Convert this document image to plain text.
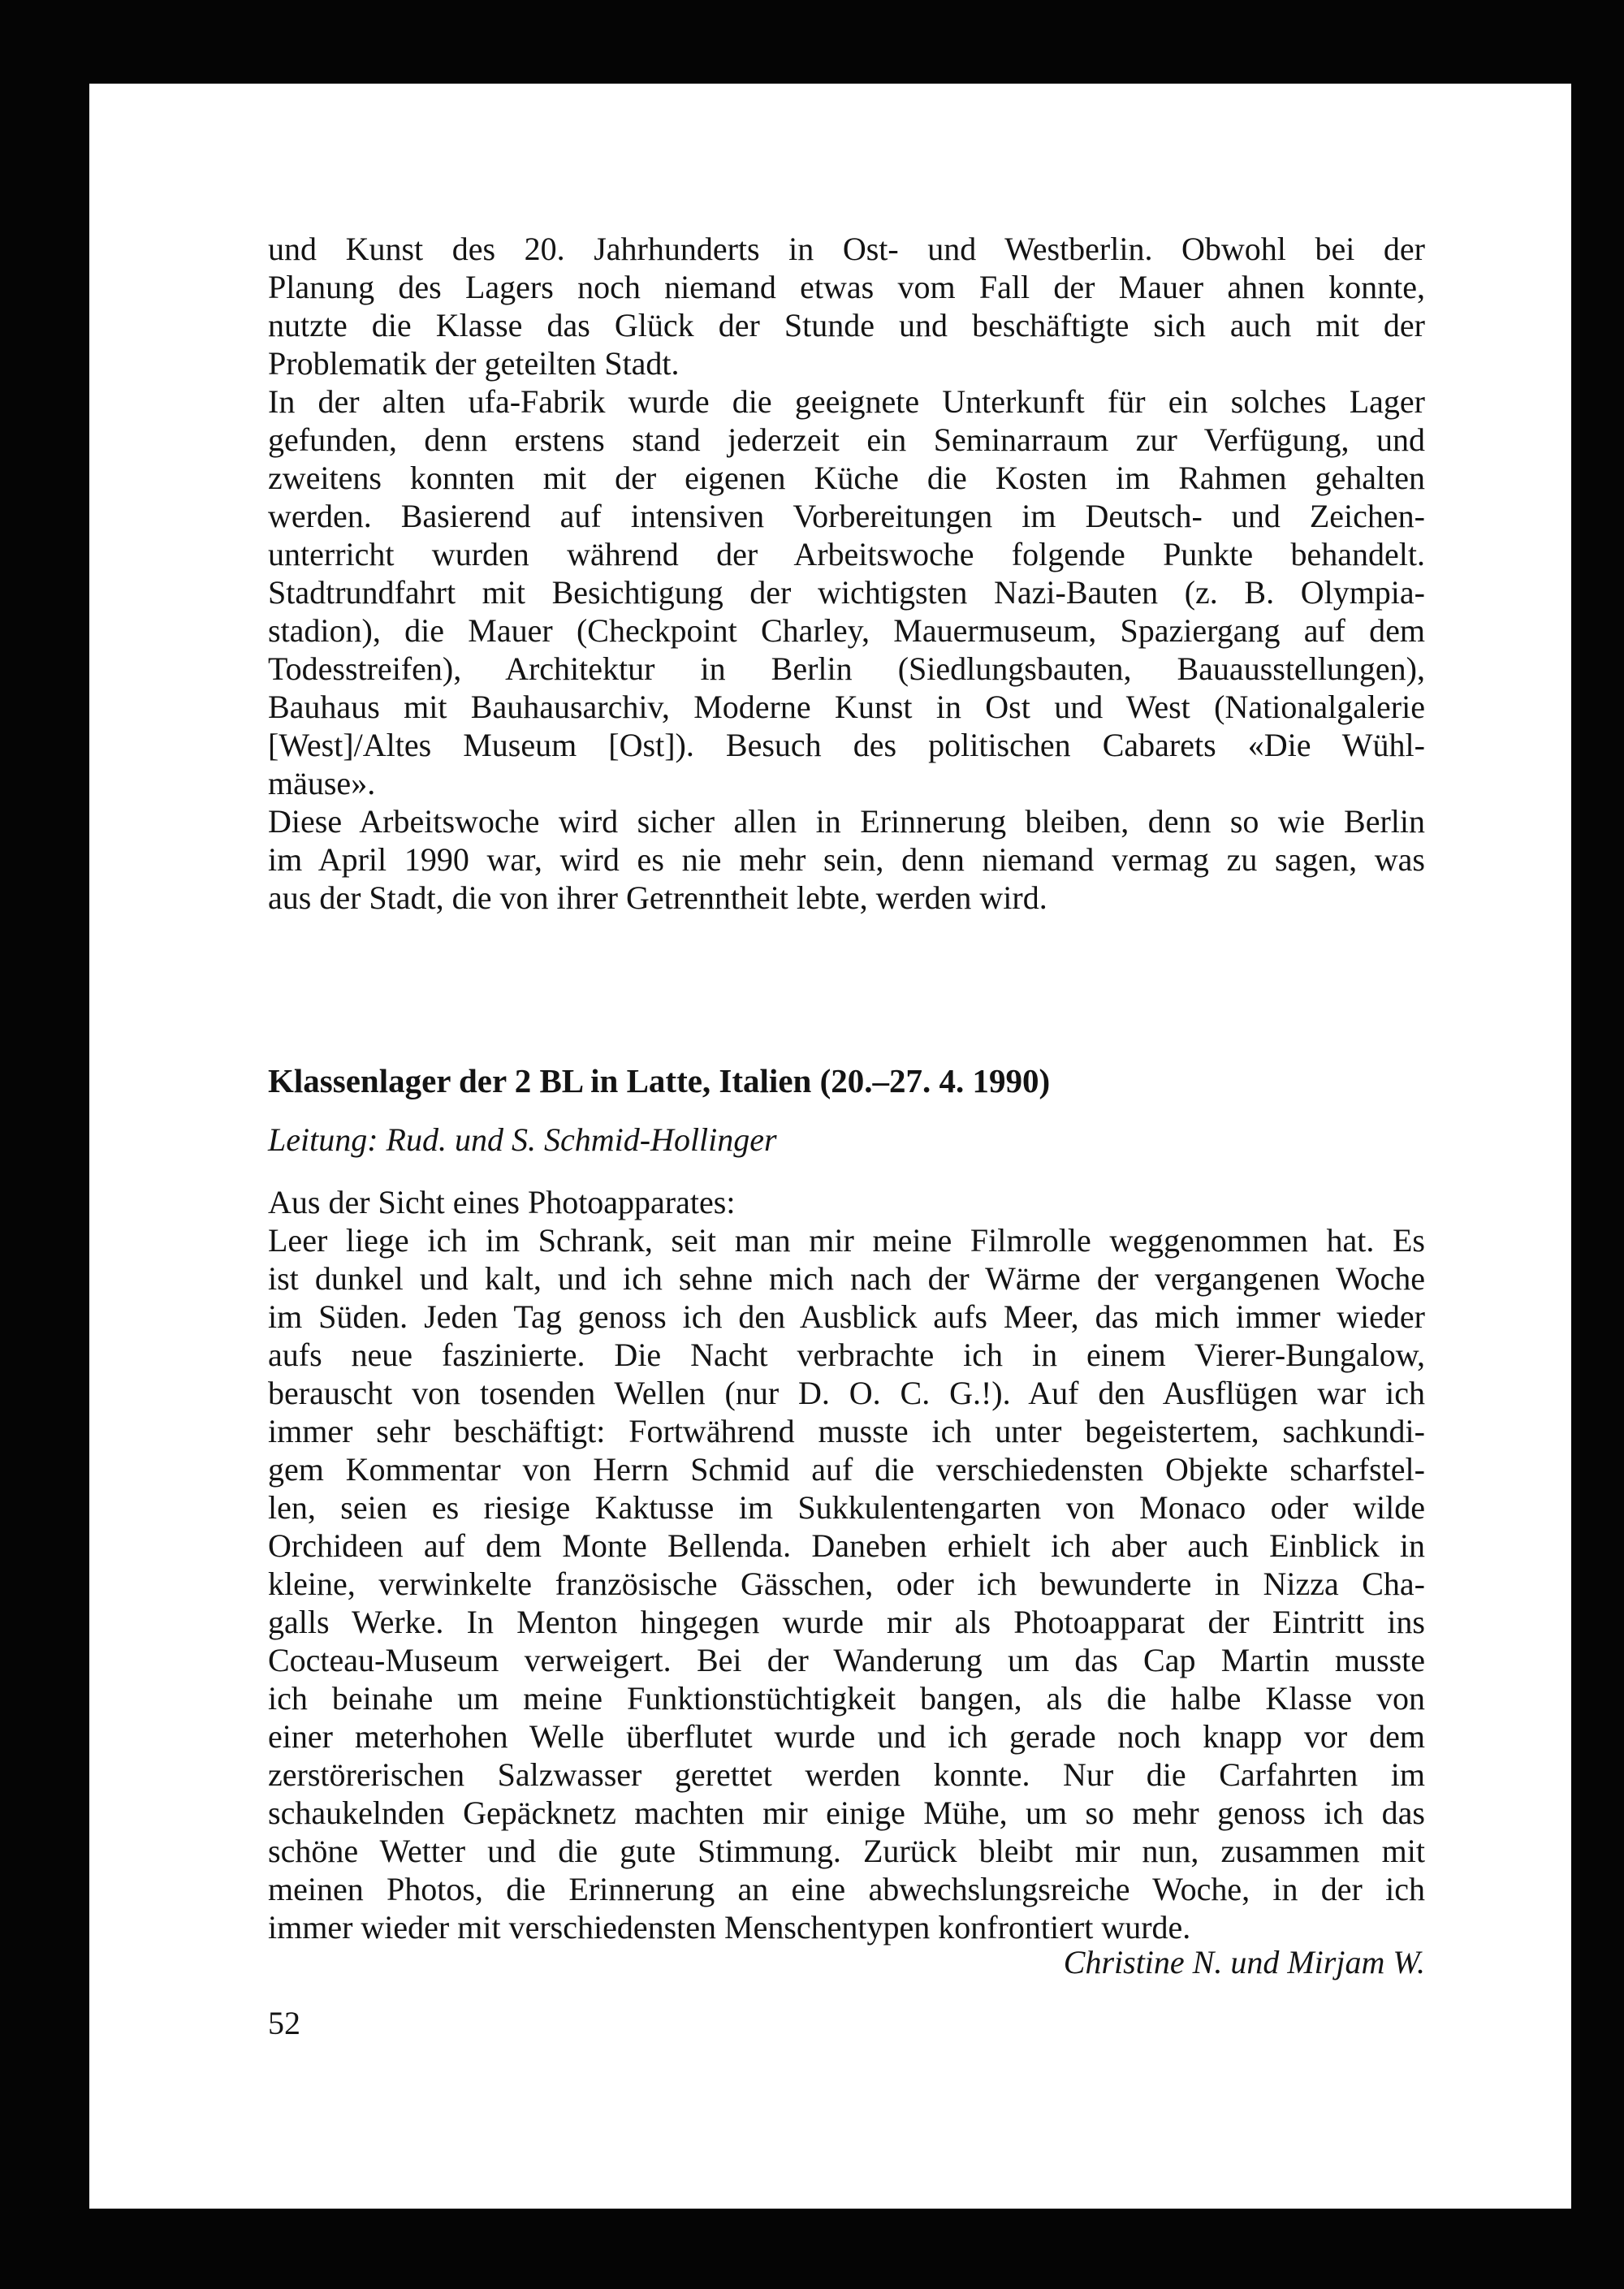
und Kunst des 20. Jahrhunderts in Ost- und Westberlin. Obwohl bei der
Planung des Lagers noch niemand etwas vom Fall der Mauer ahnen konnte,
nutzte die Klasse das Glück der Stunde und beschäftigte sich auch mit der
Problematik der geteilten Stadt.
In der alten ufa-Fabrik wurde die geeignete Unterkunft für ein solches Lager
gefunden, denn erstens stand jederzeit ein Seminarraum zur Verfügung, und
zweitens konnten mit der eigenen Küche die Kosten im Rahmen gehalten
werden. Basierend auf intensiven Vorbereitungen im Deutsch- und Zeichen-
unterricht wurden während der Arbeitswoche folgende Punkte behandelt.
Stadtrundfahrt mit Besichtigung der wichtigsten Nazi-Bauten (z. B. Olympia-
stadion), die Mauer (Checkpoint Charley, Mauermuseum, Spaziergang auf dem
Todesstreifen), Architektur in Berlin (Siedlungsbauten, Bauausstellungen),
Bauhaus mit Bauhausarchiv, Moderne Kunst in Ost und West (Nationalgalerie
[West]/Altes Museum [Ost]). Besuch des politischen Cabarets «Die Wühl-
mäuse».
Diese Arbeitswoche wird sicher allen in Erinnerung bleiben, denn so wie Berlin
im April 1990 war, wird es nie mehr sein, denn niemand vermag zu sagen, was
aus der Stadt, die von ihrer Getrenntheit lebte, werden wird.
Klassenlager der 2 BL in Latte, Italien (20.–27. 4. 1990)
Leitung: Rud. und S. Schmid-Hollinger
Aus der Sicht eines Photoapparates:
Leer liege ich im Schrank, seit man mir meine Filmrolle weggenommen hat. Es
ist dunkel und kalt, und ich sehne mich nach der Wärme der vergangenen Woche
im Süden. Jeden Tag genoss ich den Ausblick aufs Meer, das mich immer wieder
aufs neue faszinierte. Die Nacht verbrachte ich in einem Vierer-Bungalow,
berauscht von tosenden Wellen (nur D. O. C. G.!). Auf den Ausflügen war ich
immer sehr beschäftigt: Fortwährend musste ich unter begeistertem, sachkundi-
gem Kommentar von Herrn Schmid auf die verschiedensten Objekte scharfstel-
len, seien es riesige Kaktusse im Sukkulentengarten von Monaco oder wilde
Orchideen auf dem Monte Bellenda. Daneben erhielt ich aber auch Einblick in
kleine, verwinkelte französische Gässchen, oder ich bewunderte in Nizza Cha-
galls Werke. In Menton hingegen wurde mir als Photoapparat der Eintritt ins
Cocteau-Museum verweigert. Bei der Wanderung um das Cap Martin musste
ich beinahe um meine Funktionstüchtigkeit bangen, als die halbe Klasse von
einer meterhohen Welle überflutet wurde und ich gerade noch knapp vor dem
zerstörerischen Salzwasser gerettet werden konnte. Nur die Carfahrten im
schaukelnden Gepäcknetz machten mir einige Mühe, um so mehr genoss ich das
schöne Wetter und die gute Stimmung. Zurück bleibt mir nun, zusammen mit
meinen Photos, die Erinnerung an eine abwechslungsreiche Woche, in der ich
immer wieder mit verschiedensten Menschentypen konfrontiert wurde.
Christine N. und Mirjam W.
52
